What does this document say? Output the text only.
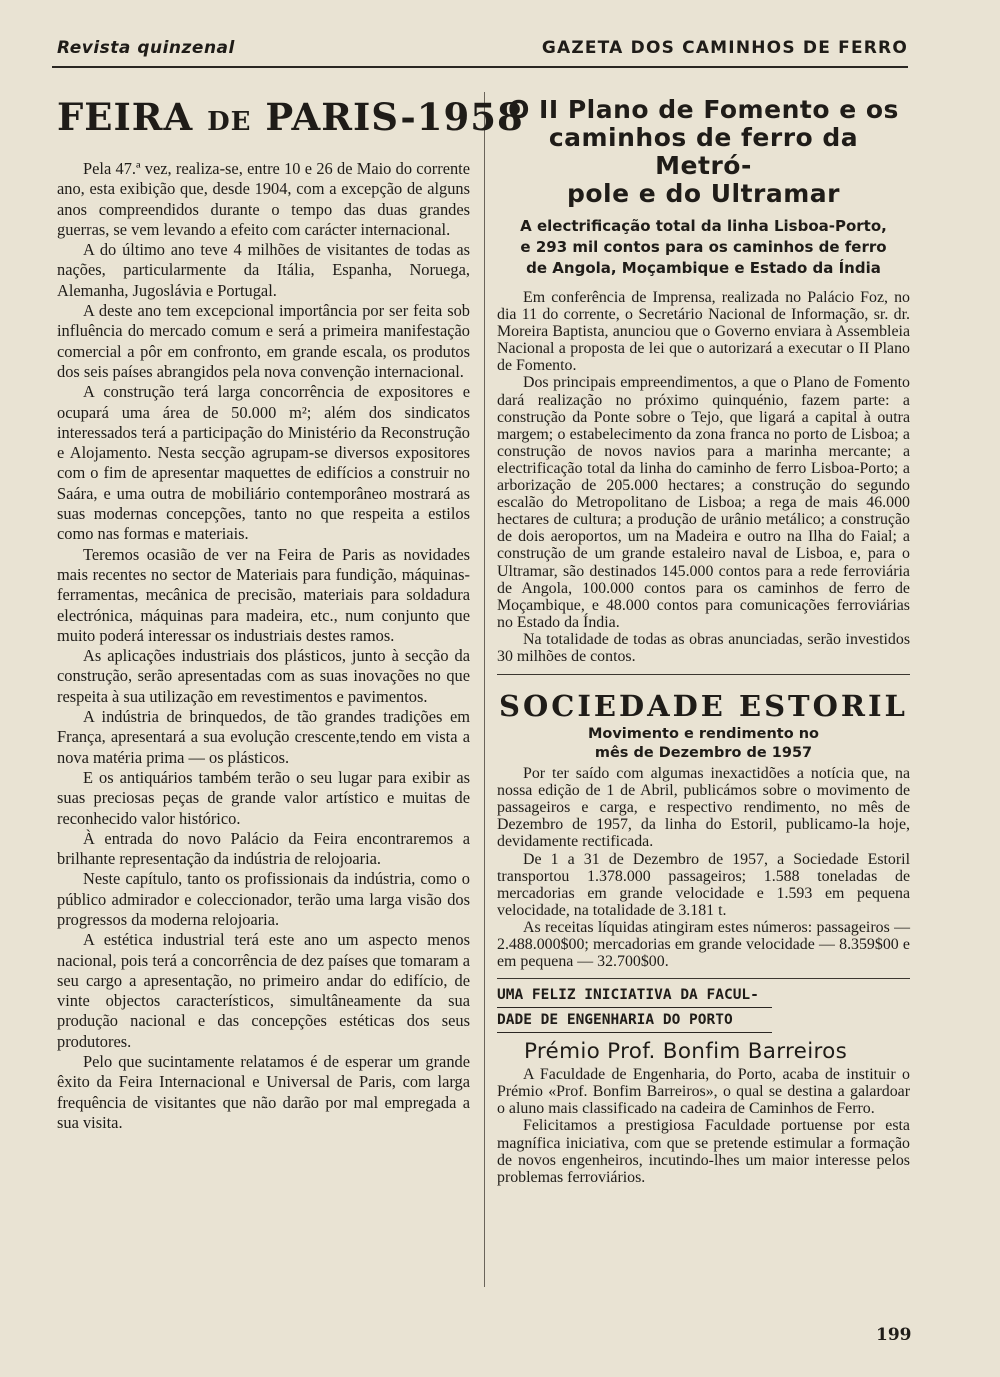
Revista quinzenal	GAZETA DOS CAMINHOS DE FERRO
FEIRA DE PARIS-1958

Pela 47.ª vez, realiza-se, entre 10 e 26 de Maio do corrente ano, esta exibição que, desde 1904, com a excepção de alguns anos compreendidos durante o tempo das duas grandes guerras, se vem levando a efeito com carácter internacional.

A do último ano teve 4 milhões de visitantes de todas as nações, particularmente da Itália, Espanha, Noruega, Alemanha, Jugoslávia e Portugal.

A deste ano tem excepcional importância por ser feita sob influência do mercado comum e será a primeira manifestação comercial a pôr em confronto, em grande escala, os produtos dos seis países abrangidos pela nova convenção internacional.

A construção terá larga concorrência de expositores e ocupará uma área de 50.000 m²; além dos sindicatos interessados terá a participação do Ministério da Reconstrução e Alojamento. Nesta secção agrupam-se diversos expositores com o fim de apresentar maquettes de edifícios a construir no Saára, e uma outra de mobiliário contemporâneo mostrará as suas modernas concepções, tanto no que respeita a estilos como nas formas e materiais.

Teremos ocasião de ver na Feira de Paris as novidades mais recentes no sector de Materiais para fundição, máquinas-ferramentas, mecânica de precisão, materiais para soldadura electrónica, máquinas para madeira, etc., num conjunto que muito poderá interessar os industriais destes ramos.

As aplicações industriais dos plásticos, junto à secção da construção, serão apresentadas com as suas inovações no que respeita à sua utilização em revestimentos e pavimentos.

A indústria de brinquedos, de tão grandes tradições em França, apresentará a sua evolução crescente,tendo em vista a nova matéria prima — os plásticos.

E os antiquários também terão o seu lugar para exibir as suas preciosas peças de grande valor artístico e muitas de reconhecido valor histórico.

À entrada do novo Palácio da Feira encontraremos a brilhante representação da indústria de relojoaria.

Neste capítulo, tanto os profissionais da indústria, como o público admirador e coleccionador, terão uma larga visão dos progressos da moderna relojoaria.

A estética industrial terá este ano um aspecto menos nacional, pois terá a concorrência de dez países que tomaram a seu cargo a apresentação, no primeiro andar do edifício, de vinte objectos característicos, simultâneamente da sua produção nacional e das concepções estéticas dos seus produtores.

Pelo que sucintamente relatamos é de esperar um grande êxito da Feira Internacional e Universal de Paris, com larga frequência de visitantes que não darão por mal empregada a sua visita.

O II Plano de Fomento e os
caminhos de ferro da Metró-
pole e do Ultramar
A electrificação total da linha Lisboa-Porto,
e 293 mil contos para os caminhos de ferro
de Angola, Moçambique e Estado da Índia

Em conferência de Imprensa, realizada no Palácio Foz, no dia 11 do corrente, o Secretário Nacional de Informação, sr. dr. Moreira Baptista, anunciou que o Governo enviara à Assembleia Nacional a proposta de lei que o autorizará a executar o II Plano de Fomento.

Dos principais empreendimentos, a que o Plano de Fomento dará realização no próximo quinquénio, fazem parte: a construção da Ponte sobre o Tejo, que ligará a capital à outra margem; o estabelecimento da zona franca no porto de Lisboa; a construção de novos navios para a marinha mercante; a electrificação total da linha do caminho de ferro Lisboa-Porto; a arborização de 205.000 hectares; a construção do segundo escalão do Metropolitano de Lisboa; a rega de mais 46.000 hectares de cultura; a produção de urânio metálico; a construção de dois aeroportos, um na Madeira e outro na Ilha do Faial; a construção de um grande estaleiro naval de Lisboa, e, para o Ultramar, são destinados 145.000 contos para a rede ferroviária de Angola, 100.000 contos para os caminhos de ferro de Moçambique, e 48.000 contos para comunicações ferroviárias no Estado da Índia.

Na totalidade de todas as obras anunciadas, serão investidos 30 milhões de contos.

SOCIEDADE ESTORIL
Movimento e rendimento no
mês de Dezembro de 1957

Por ter saído com algumas inexactidões a notícia que, na nossa edição de 1 de Abril, publicámos sobre o movimento de passageiros e carga, e respectivo rendimento, no mês de Dezembro de 1957, da linha do Estoril, publicamo-la hoje, devidamente rectificada.

De 1 a 31 de Dezembro de 1957, a Sociedade Estoril transportou 1.378.000 passageiros; 1.588 toneladas de mercadorias em grande velocidade e 1.593 em pequena velocidade, na totalidade de 3.181 t.

As receitas líquidas atingiram estes números: passageiros — 2.488.000$00; mercadorias em grande velocidade — 8.359$00 e em pequena — 32.700$00.

UMA FELIZ INICIATIVA DA FACUL-
DADE DE ENGENHARIA DO PORTO
Prémio Prof. Bonfim Barreiros

A Faculdade de Engenharia, do Porto, acaba de instituir o Prémio «Prof. Bonfim Barreiros», o qual se destina a galardoar o aluno mais classificado na cadeira de Caminhos de Ferro.

Felicitamos a prestigiosa Faculdade portuense por esta magnífica iniciativa, com que se pretende estimular a formação de novos engenheiros, incutindo-lhes um maior interesse pelos problemas ferroviários.

199
